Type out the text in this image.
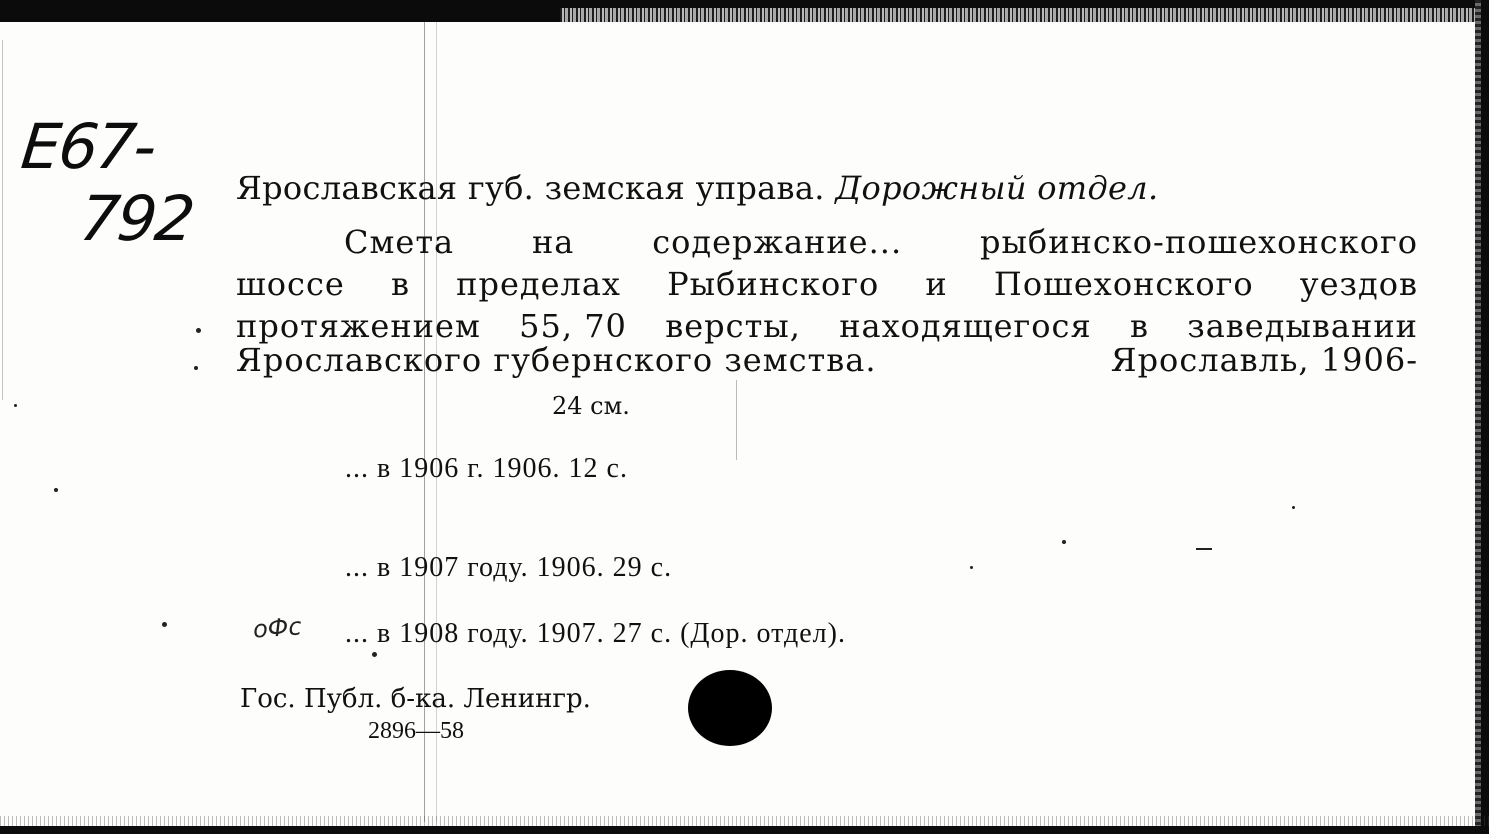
E67-
792 Ярославская губ. земская управа. Дорожный отдел.
Смета на содержание... рыбинско-пошехонского
шоссе в пределах Рыбинского и Пошехонского уездов
протяжением 55, 70 версты, находящегося в заведывании
Ярославского губернского земства.	Ярославль, 1906-
24 см.
... в 1906 г. 1906. 12 с.
... в 1907 году. 1906. 29 с.
оФс ... в 1908 году. 1907. 27 с. (Дор. отдел).
Гос. Публ. б-ка. Ленингр.
2896—58
